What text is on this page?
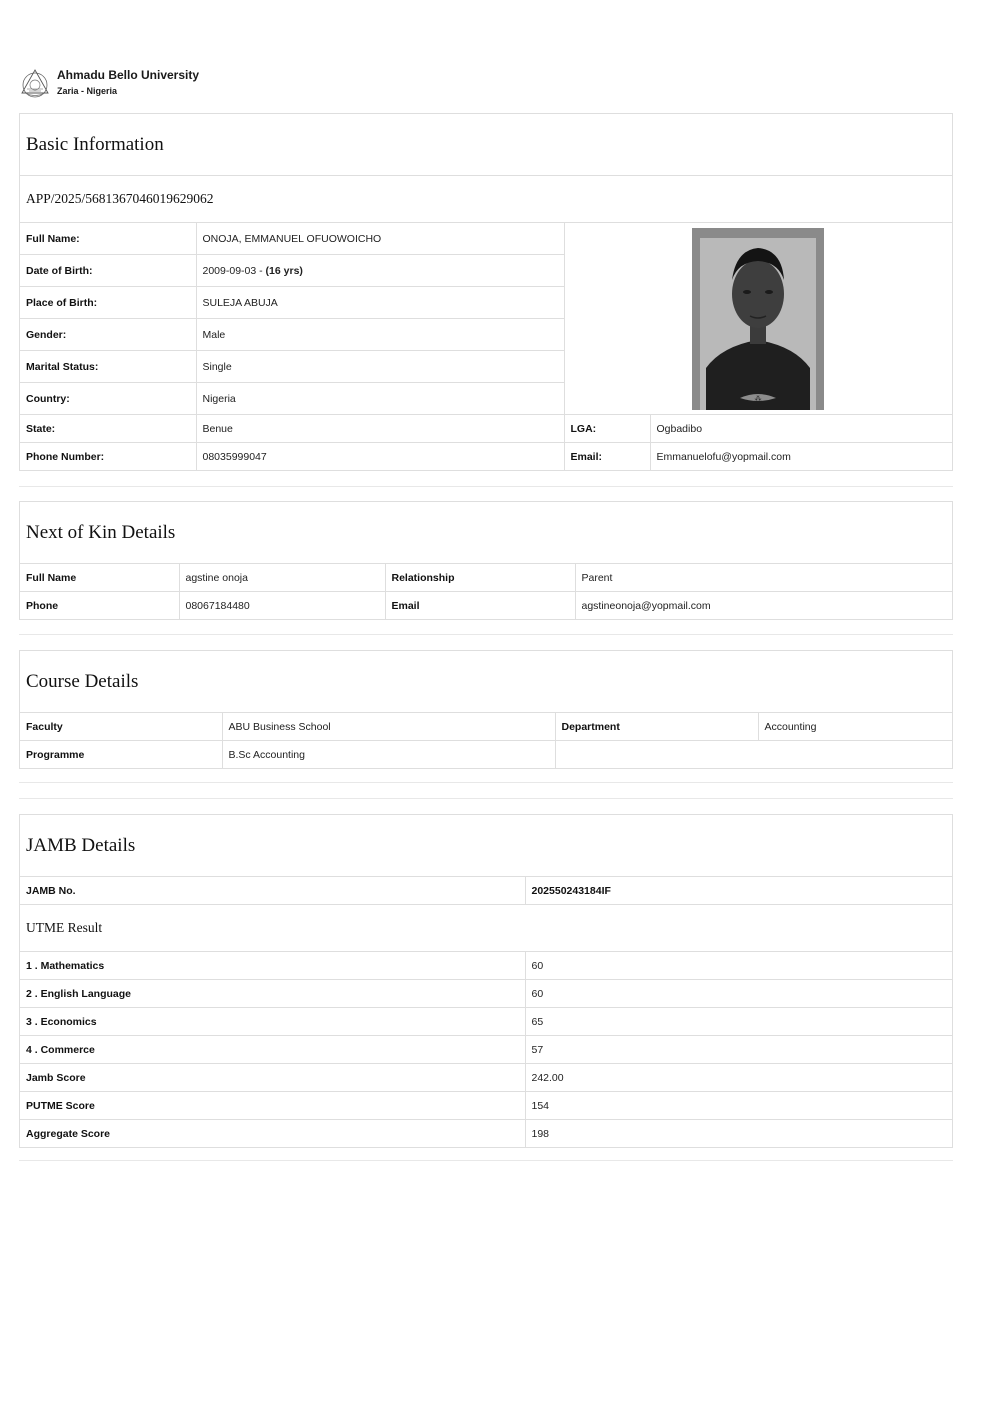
Ahmadu Bello University
Zaria - Nigeria
Basic Information
APP/2025/5681367046019629062
Full Name:	ONOJA, EMMANUEL OFUOWOICHO	⁂	

Date of Birth:	2009-09-03 - (16 yrs)		
Place of Birth:	SULEJA ABUJA		
Gender:	Male		
Marital Status:	Single		
Country:	Nigeria		
State:	Benue	LGA:	Ogbadibo
Phone Number:	08035999047	Email:	Emmanuelofu@yopmail.com
Next of Kin Details
Full Name	agstine onoja	Relationship	Parent
Phone	08067184480	Email	agstineonoja@yopmail.com
Course Details
Faculty	ABU Business School	Department	Accounting
Programme	B.Sc Accounting		
JAMB Details
JAMB No.	202550243184IF
UTME Result
1 . Mathematics	60
2 . English Language	60
3 . Economics	65
4 . Commerce	57
Jamb Score	242.00
PUTME Score	154
Aggregate Score	198
